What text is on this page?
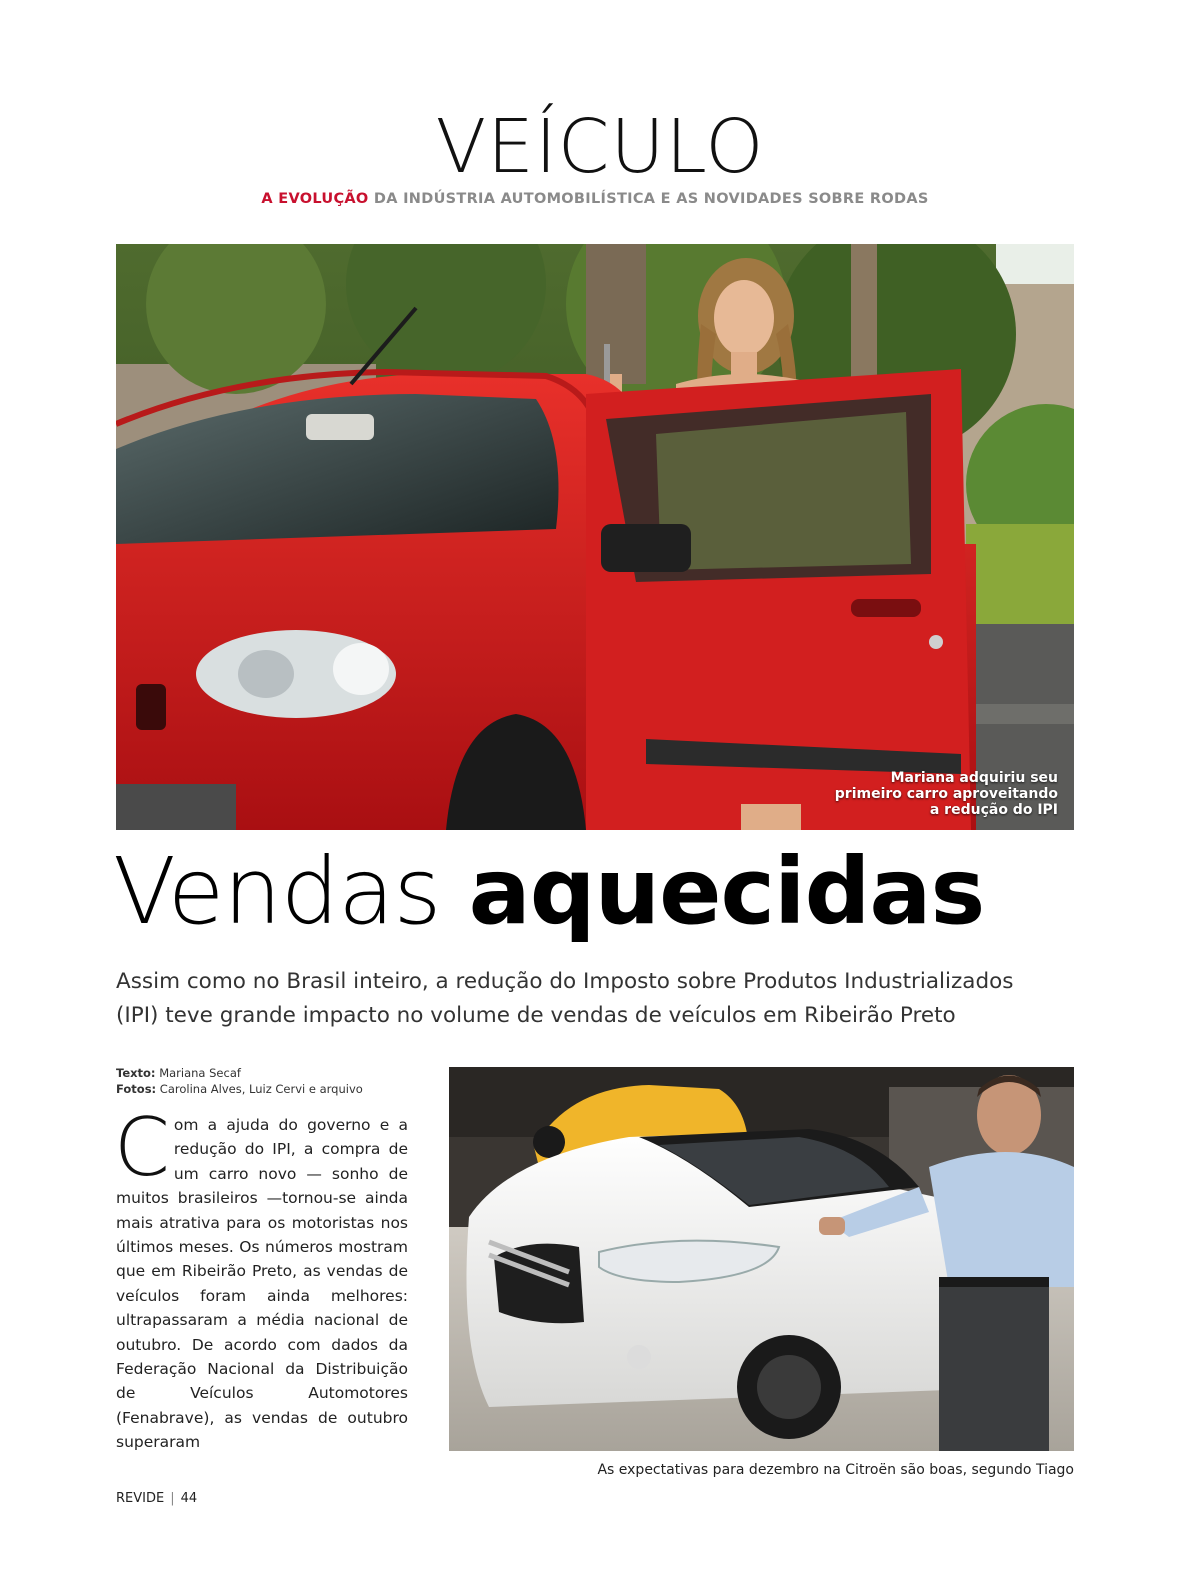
VEÍCULO
A EVOLUÇÃO DA INDÚSTRIA AUTOMOBILÍSTICA E AS NOVIDADES SOBRE RODAS
Mariana adquiriu seu
primeiro carro aproveitando
a redução do IPI
Vendas aquecidas
Assim como no Brasil inteiro, a redução do Imposto sobre Produtos Industrializados
(IPI) teve grande impacto no volume de vendas de veículos em Ribeirão Preto
Texto: Mariana Secaf
Fotos: Carolina Alves, Luiz Cervi e arquivo
Com a ajuda do governo e a redução do IPI, a compra de um carro novo — sonho de muitos brasileiros —tornou-se ainda mais atrativa para os motoristas nos últimos meses. Os números mostram que em Ribeirão Preto, as vendas de veículos foram ainda melhores: ultrapassaram a média nacional de outubro. De acordo com dados da Federação Nacional da Distribuição de Veículos Automotores (Fenabrave), as vendas de outubro superaram
As expectativas para dezembro na Citroën são boas, segundo Tiago
REVIDE | 44
